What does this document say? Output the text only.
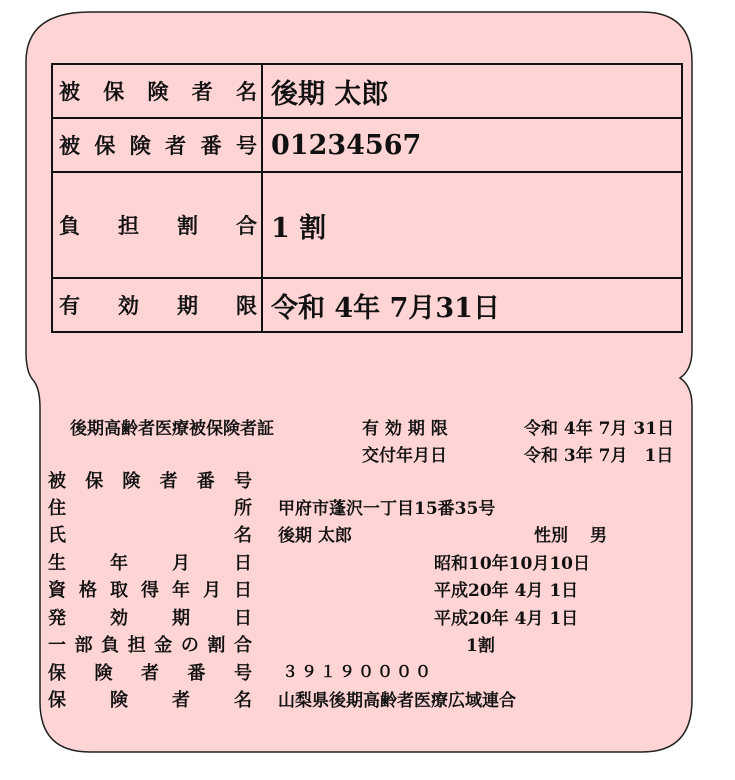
被 保 険 者 名 後期 太郎
被 保 険 者 番 号 01234567
負 担 割 合 1 割
有 効 期 限 令和 4年 7月31日
後期高齢者医療被保険者証	有 効 期 限	令和 4年 7月 31日
交付年月日	令和 3年 7月　1日
被 保 険 者 番 号
住	所 甲府市蓬沢一丁目15番35号
氏	名 後期 太郎	性別 男
生 年 月 日	昭和10年10月10日
資 格 取 得 年 月 日	平成20年 4月 1日
発 効 期 日	平成20年 4月 1日
一 部 負 担 金 の 割 合	1割
保 険 者 番 号 ３９１９００００
保 険 者 名 山梨県後期高齢者医療広域連合
